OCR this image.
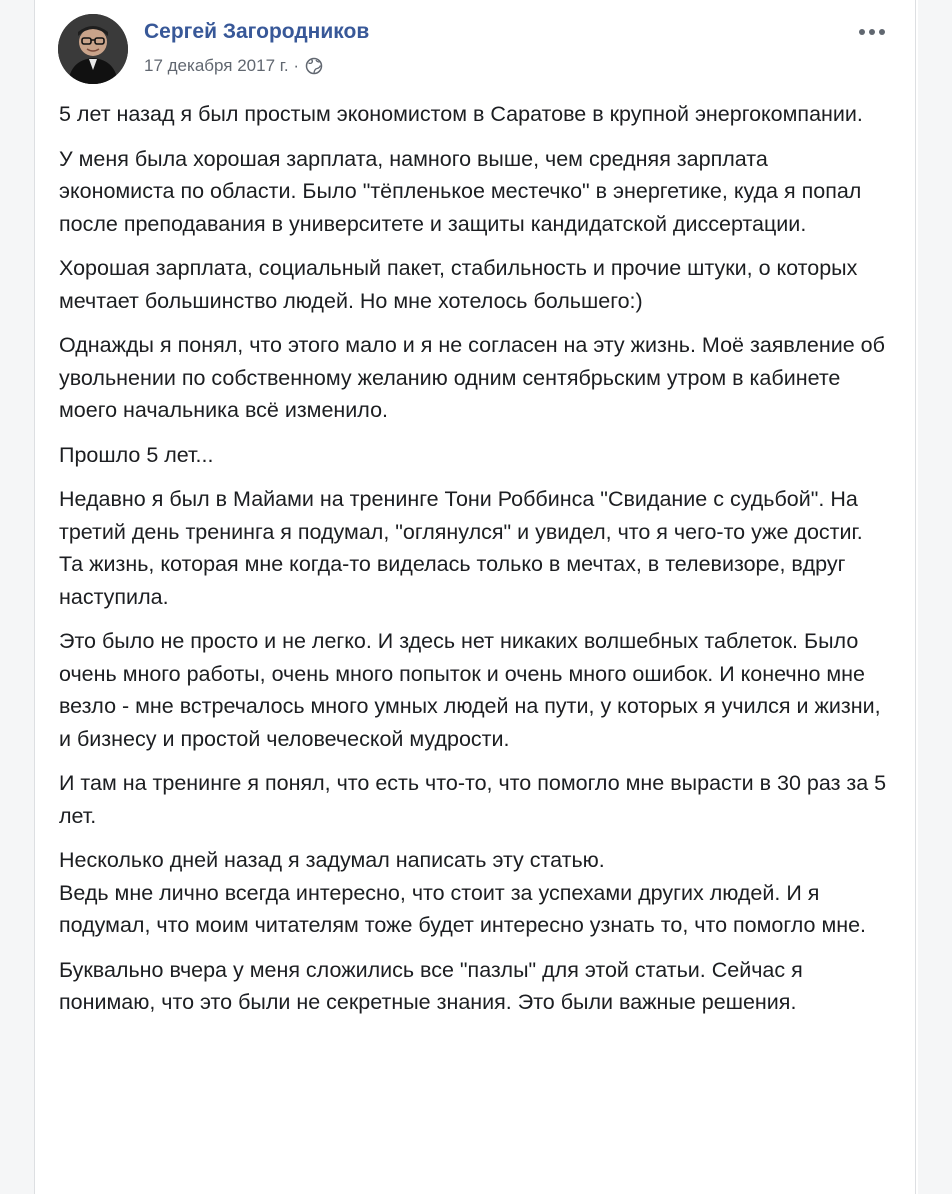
Сергей Загородников
17 декабря 2017 г. ·

5 лет назад я был простым экономистом в Саратове в крупной энергокомпании.

У меня была хорошая зарплата, намного выше, чем средняя зарплата экономиста по области. Было "тёпленькое местечко" в энергетике, куда я попал после преподавания в университете и защиты кандидатской диссертации.

Хорошая зарплата, социальный пакет, стабильность и прочие штуки, о которых мечтает большинство людей. Но мне хотелось большего:)

Однажды я понял, что этого мало и я не согласен на эту жизнь. Моё заявление об увольнении по собственному желанию одним сентябрьским утром в кабинете моего начальника всё изменило.

Прошло 5 лет...

Недавно я был в Майами на тренинге Тони Роббинса "Свидание с судьбой". На третий день тренинга я подумал, "оглянулся" и увидел, что я чего-то уже достиг. Та жизнь, которая мне когда-то виделась только в мечтах, в телевизоре, вдруг наступила.

Это было не просто и не легко. И здесь нет никаких волшебных таблеток. Было очень много работы, очень много попыток и очень много ошибок. И конечно мне везло - мне встречалось много умных людей на пути, у которых я учился и жизни, и бизнесу и простой человеческой мудрости.

И там на тренинге я понял, что есть что-то, что помогло мне вырасти в 30 раз за 5 лет.

Несколько дней назад я задумал написать эту статью.
Ведь мне лично всегда интересно, что стоит за успехами других людей. И я подумал, что моим читателям тоже будет интересно узнать то, что помогло мне.

Буквально вчера у меня сложились все "пазлы" для этой статьи. Сейчас я понимаю, что это были не секретные знания. Это были важные решения.
